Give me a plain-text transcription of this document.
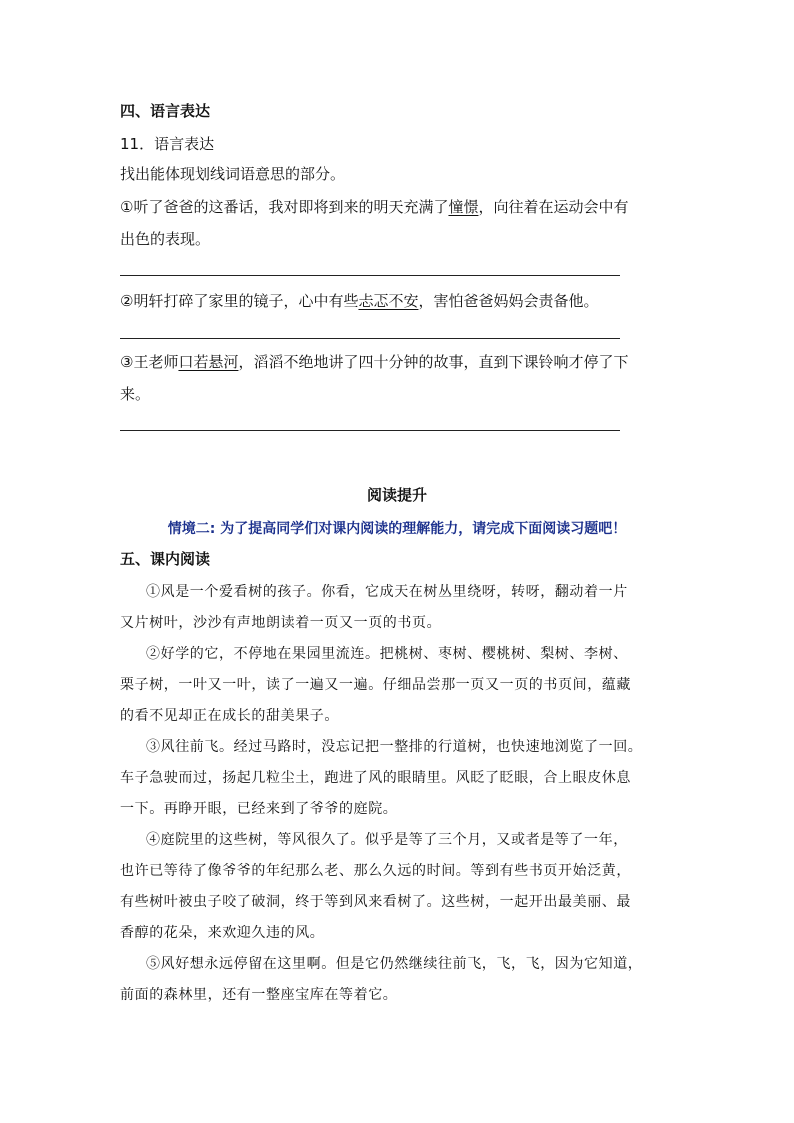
四、语言表达
11．语言表达
找出能体现划线词语意思的部分。
①听了爸爸的这番话，我对即将到来的明天充满了憧憬，向往着在运动会中有
出色的表现。
②明轩打碎了家里的镜子，心中有些忐忑不安，害怕爸爸妈妈会责备他。
③王老师口若悬河，滔滔不绝地讲了四十分钟的故事，直到下课铃响才停了下
来。
阅读提升
情境二: 为了提高同学们对课内阅读的理解能力，请完成下面阅读习题吧！
五、课内阅读
①风是一个爱看树的孩子。你看，它成天在树丛里绕呀，转呀，翻动着一片
又片树叶，沙沙有声地朗读着一页又一页的书页。
②好学的它，不停地在果园里流连。把桃树、枣树、樱桃树、梨树、李树、
栗子树，一叶又一叶，读了一遍又一遍。仔细品尝那一页又一页的书页间，蕴藏
的看不见却正在成长的甜美果子。
③风往前飞。经过马路时，没忘记把一整排的行道树，也快速地浏览了一回。
车子急驶而过，扬起几粒尘土，跑进了风的眼睛里。风眨了眨眼，合上眼皮休息
一下。再睁开眼，已经来到了爷爷的庭院。
④庭院里的这些树，等风很久了。似乎是等了三个月，又或者是等了一年，
也许已等待了像爷爷的年纪那么老、那么久远的时间。等到有些书页开始泛黄，
有些树叶被虫子咬了破洞，终于等到风来看树了。这些树，一起开出最美丽、最
香醇的花朵，来欢迎久违的风。
⑤风好想永远停留在这里啊。但是它仍然继续往前飞，飞，飞，因为它知道，
前面的森林里，还有一整座宝库在等着它。
